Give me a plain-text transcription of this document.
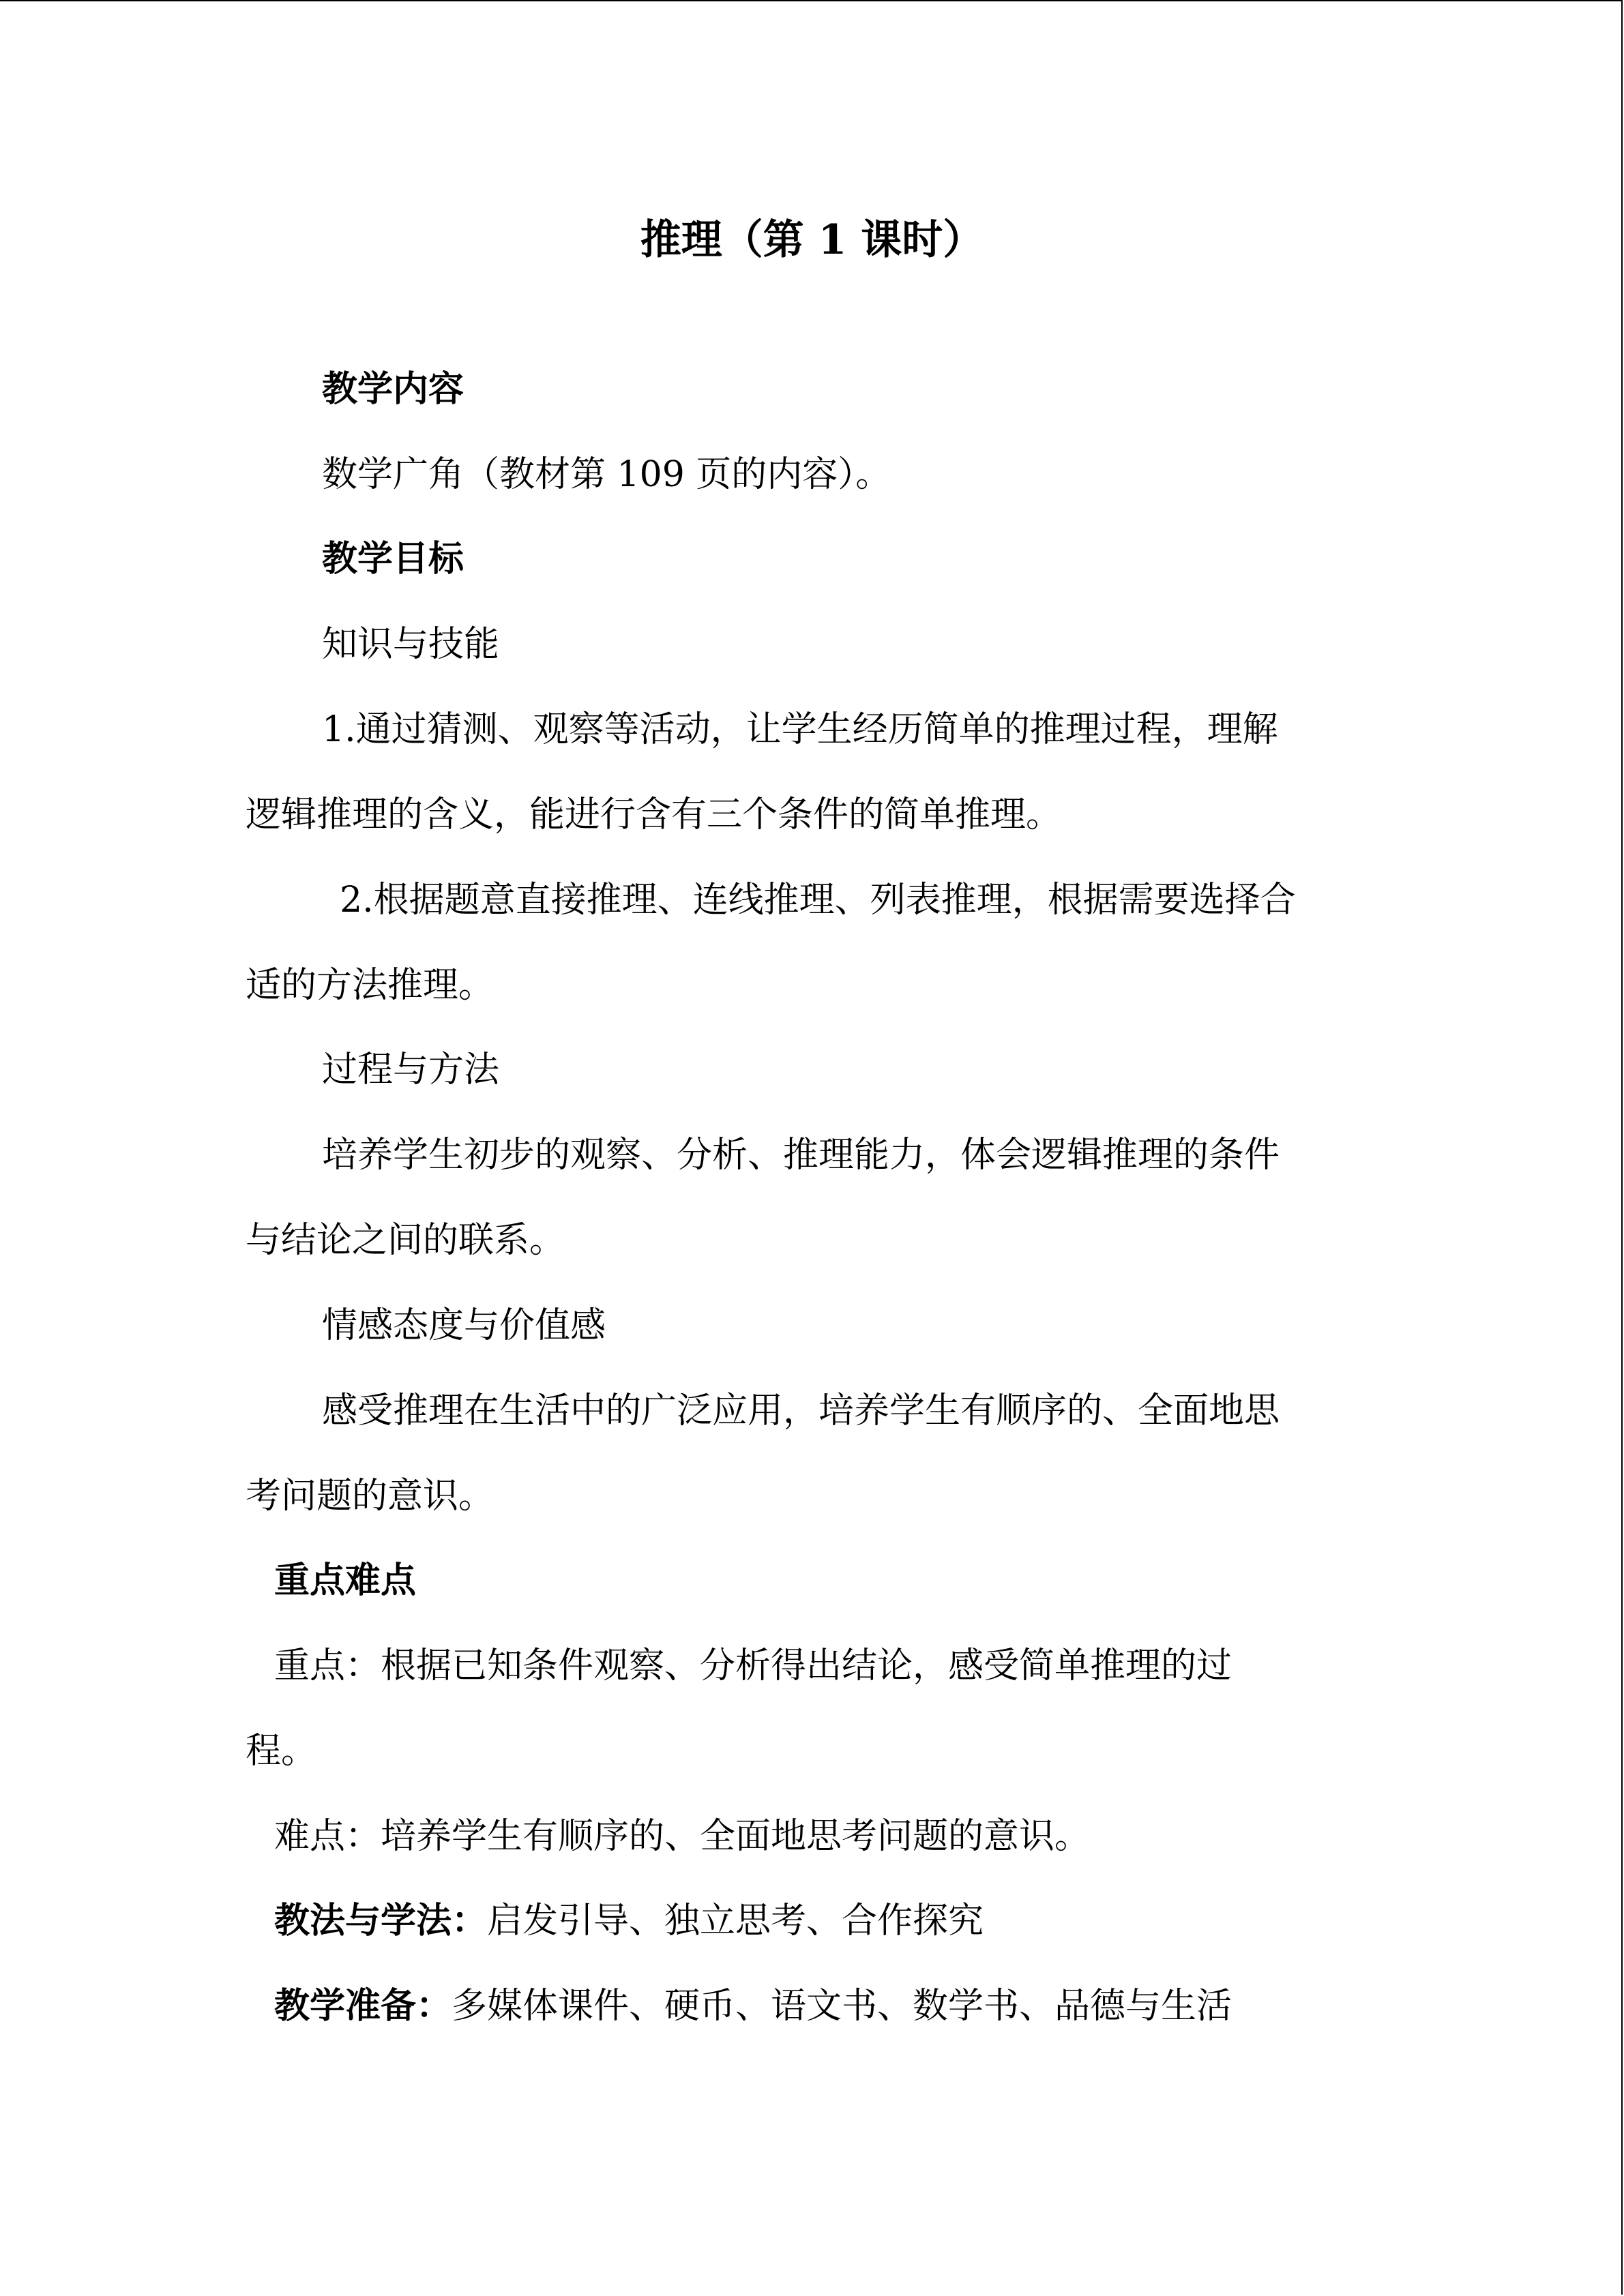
推理（第 1 课时）
教学内容
数学广角（教材第 109 页的内容）。
教学目标
知识与技能
1.通过猜测、观察等活动，让学生经历简单的推理过程，理解
逻辑推理的含义，能进行含有三个条件的简单推理。
2.根据题意直接推理、连线推理、列表推理，根据需要选择合
适的方法推理。
过程与方法
培养学生初步的观察、分析、推理能力，体会逻辑推理的条件
与结论之间的联系。
情感态度与价值感
感受推理在生活中的广泛应用，培养学生有顺序的、全面地思
考问题的意识。
重点难点
重点：根据已知条件观察、分析得出结论，感受简单推理的过
程。
难点：培养学生有顺序的、全面地思考问题的意识。
教法与学法：启发引导、独立思考、合作探究
教学准备：多媒体课件、硬币、语文书、数学书、品德与生活
